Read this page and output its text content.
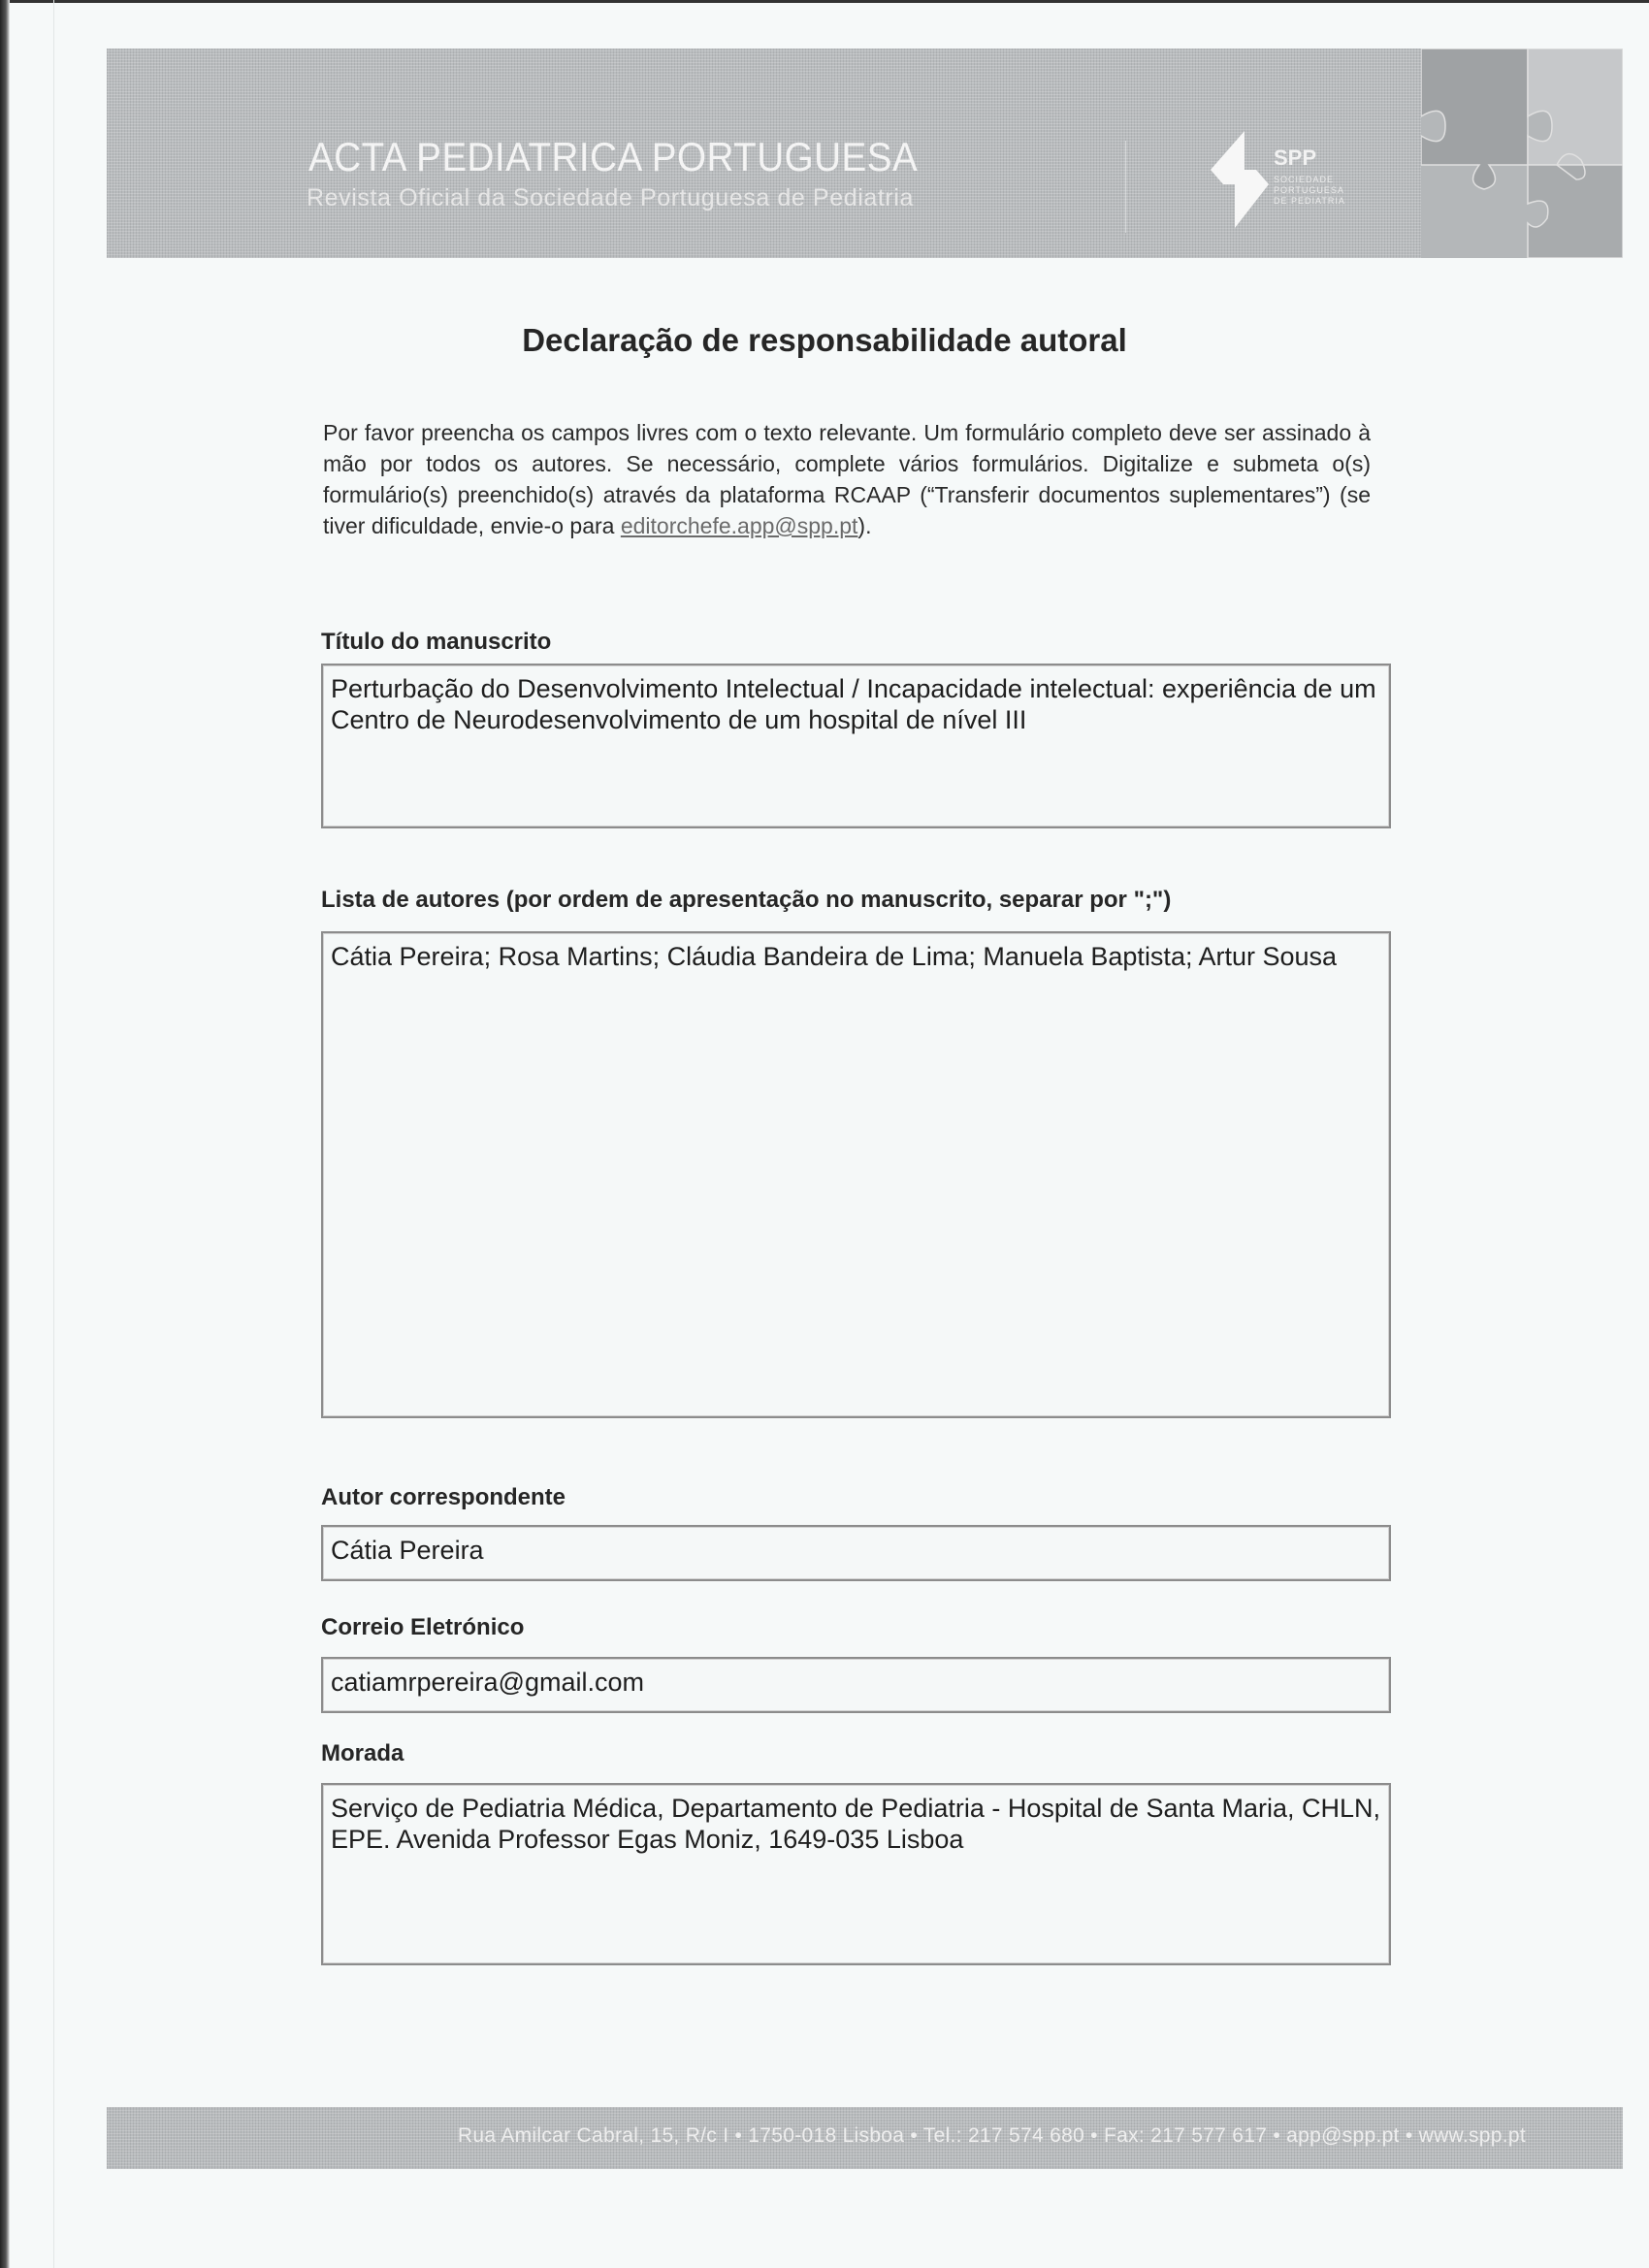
ACTA PEDIATRICA PORTUGUESA
Revista Oficial da Sociedade Portuguesa de Pediatria
SPP
SOCIEDADE
PORTUGUESA
DE PEDIATRIA
Declaração de responsabilidade autoral
Por favor preencha os campos livres com o texto relevante. Um formulário completo deve ser assinado à mão por todos os autores. Se necessário, complete vários formulários. Digitalize e submeta o(s) formulário(s) preenchido(s) através da plataforma RCAAP (“Transferir documentos suplementares”) (se tiver dificuldade, envie-o para editorchefe.app@spp.pt).
Título do manuscrito
Perturbação do Desenvolvimento Intelectual / Incapacidade intelectual: experiência de um Centro de Neurodesenvolvimento de um hospital de nível III
Lista de autores (por ordem de apresentação no manuscrito, separar por ";")
Cátia Pereira; Rosa Martins; Cláudia Bandeira de Lima; Manuela Baptista; Artur Sousa
Autor correspondente
Cátia Pereira
Correio Eletrónico
catiamrpereira@gmail.com
Morada
Serviço de Pediatria Médica, Departamento de Pediatria - Hospital de Santa Maria, CHLN, EPE. Avenida Professor Egas Moniz, 1649-035 Lisboa
Rua Amilcar Cabral, 15, R/c I • 1750-018 Lisboa • Tel.: 217 574 680 • Fax: 217 577 617 • app@spp.pt • www.spp.pt
